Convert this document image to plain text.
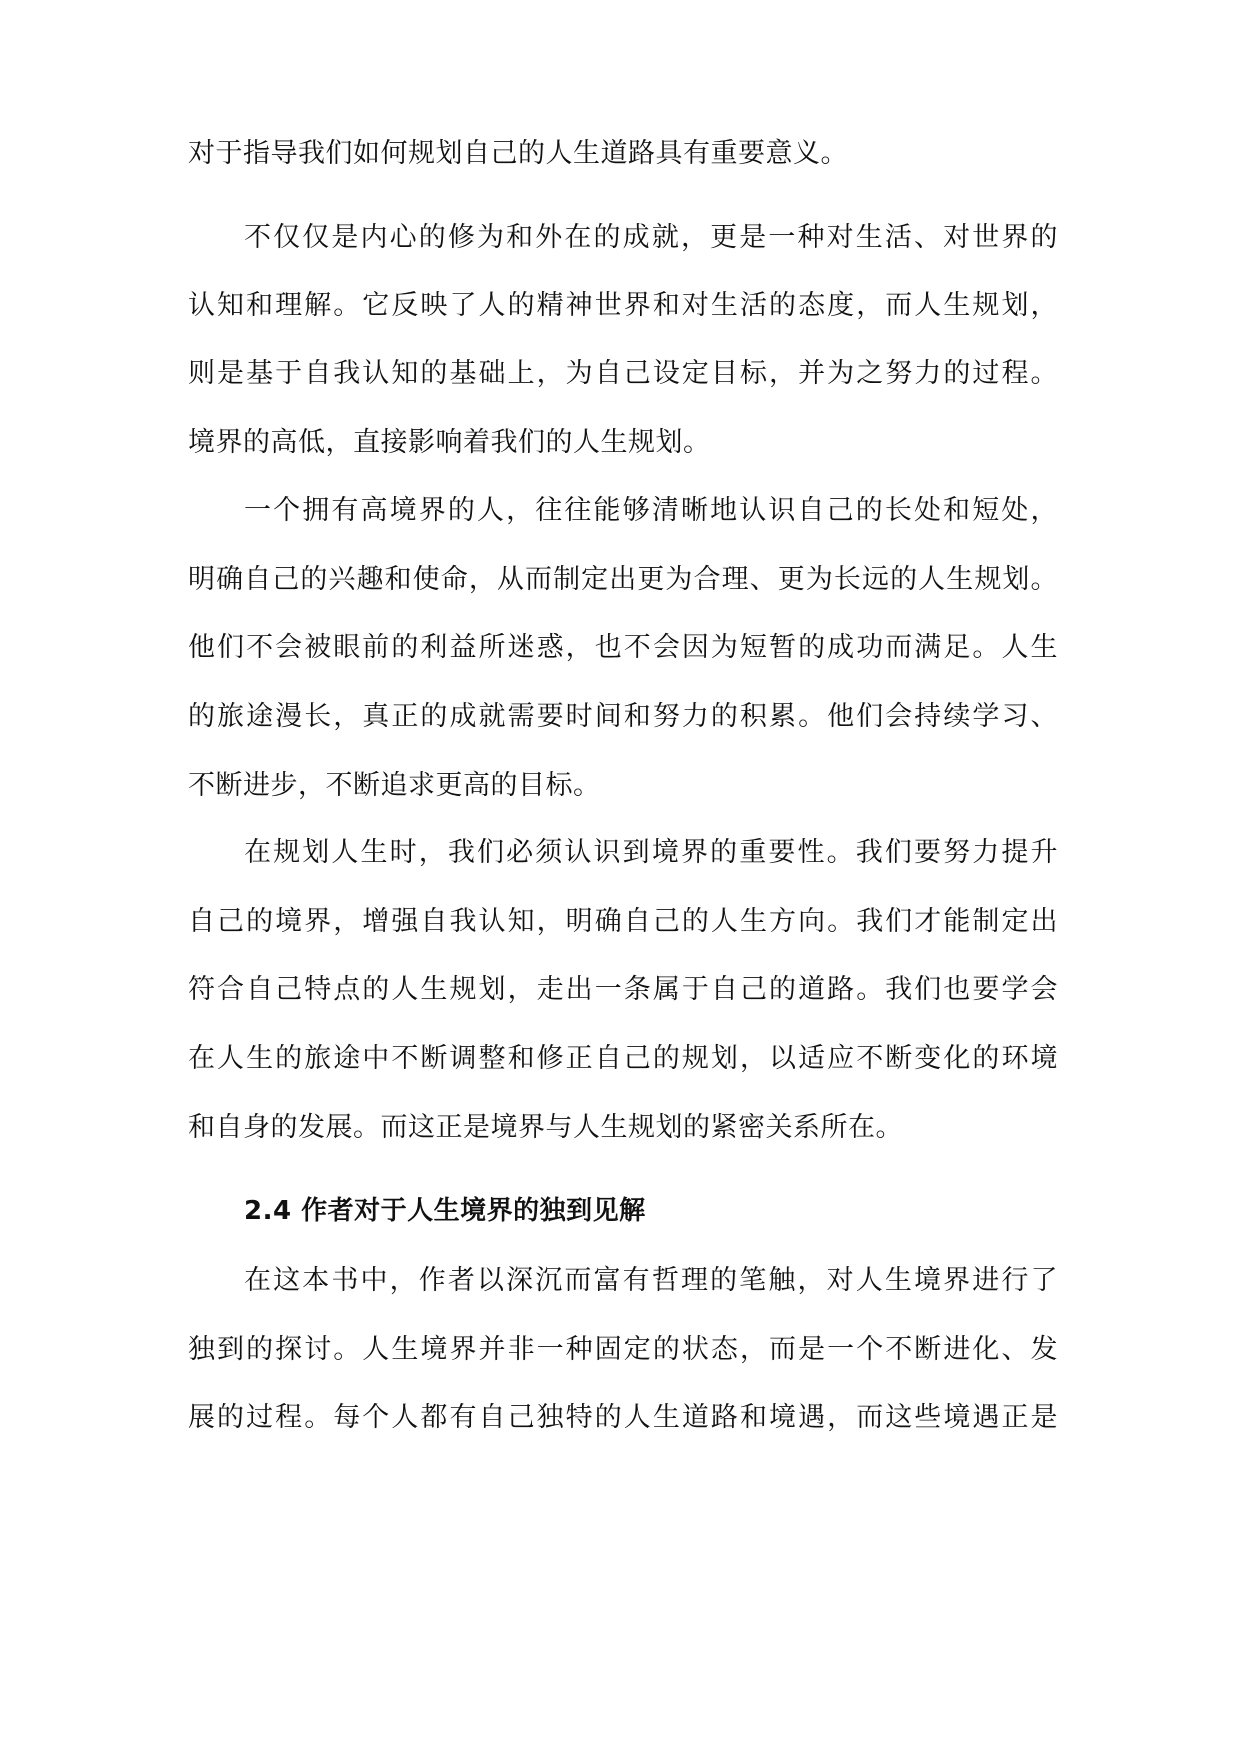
对于指导我们如何规划自己的人生道路具有重要意义。
不仅仅是内心的修为和外在的成就，更是一种对生活、对世界的
认知和理解。它反映了人的精神世界和对生活的态度，而人生规划，
则是基于自我认知的基础上，为自己设定目标，并为之努力的过程。
境界的高低，直接影响着我们的人生规划。
一个拥有高境界的人，往往能够清晰地认识自己的长处和短处，
明确自己的兴趣和使命，从而制定出更为合理、更为长远的人生规划。
他们不会被眼前的利益所迷惑，也不会因为短暂的成功而满足。人生
的旅途漫长，真正的成就需要时间和努力的积累。他们会持续学习、
不断进步，不断追求更高的目标。
在规划人生时，我们必须认识到境界的重要性。我们要努力提升
自己的境界，增强自我认知，明确自己的人生方向。我们才能制定出
符合自己特点的人生规划，走出一条属于自己的道路。我们也要学会
在人生的旅途中不断调整和修正自己的规划，以适应不断变化的环境
和自身的发展。而这正是境界与人生规划的紧密关系所在。
2.4 作者对于人生境界的独到见解
在这本书中，作者以深沉而富有哲理的笔触，对人生境界进行了
独到的探讨。人生境界并非一种固定的状态，而是一个不断进化、发
展的过程。每个人都有自己独特的人生道路和境遇，而这些境遇正是
